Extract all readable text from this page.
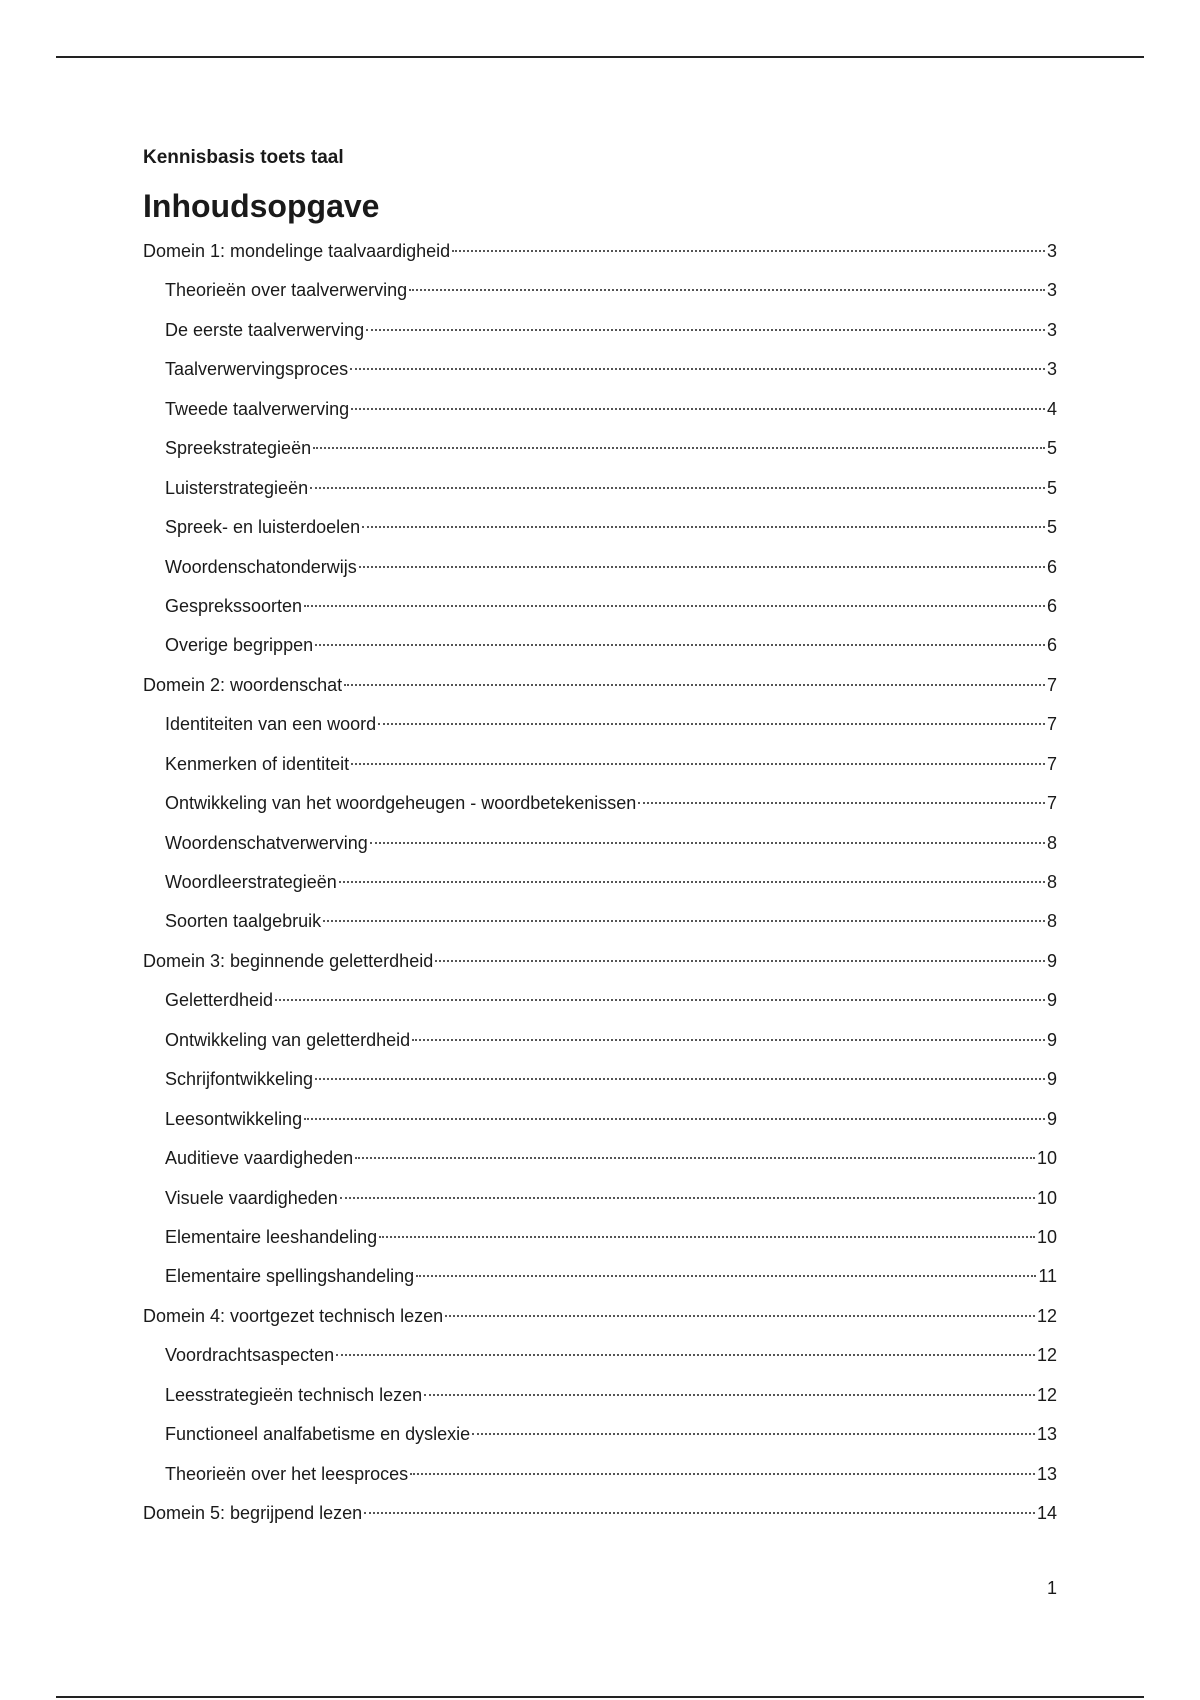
Kennisbasis toets taal
Inhoudsopgave
Domein 1: mondelinge taalvaardigheid	3
Theorieën over taalverwerving	3
De eerste taalverwerving	3
Taalverwervingsproces	3
Tweede taalverwerving	4
Spreekstrategieën	5
Luisterstrategieën	5
Spreek- en luisterdoelen	5
Woordenschatonderwijs	6
Gesprekssoorten	6
Overige begrippen	6
Domein 2: woordenschat	7
Identiteiten van een woord	7
Kenmerken of identiteit	7
Ontwikkeling van het woordgeheugen - woordbetekenissen	7
Woordenschatverwerving	8
Woordleerstrategieën	8
Soorten taalgebruik	8
Domein 3: beginnende geletterdheid	9
Geletterdheid	9
Ontwikkeling van geletterdheid	9
Schrijfontwikkeling	9
Leesontwikkeling	9
Auditieve vaardigheden	10
Visuele vaardigheden	10
Elementaire leeshandeling	10
Elementaire spellingshandeling	11
Domein 4: voortgezet technisch lezen	12
Voordrachtsaspecten	12
Leesstrategieën technisch lezen	12
Functioneel analfabetisme en dyslexie	13
Theorieën over het leesproces	13
Domein 5: begrijpend lezen	14
1
